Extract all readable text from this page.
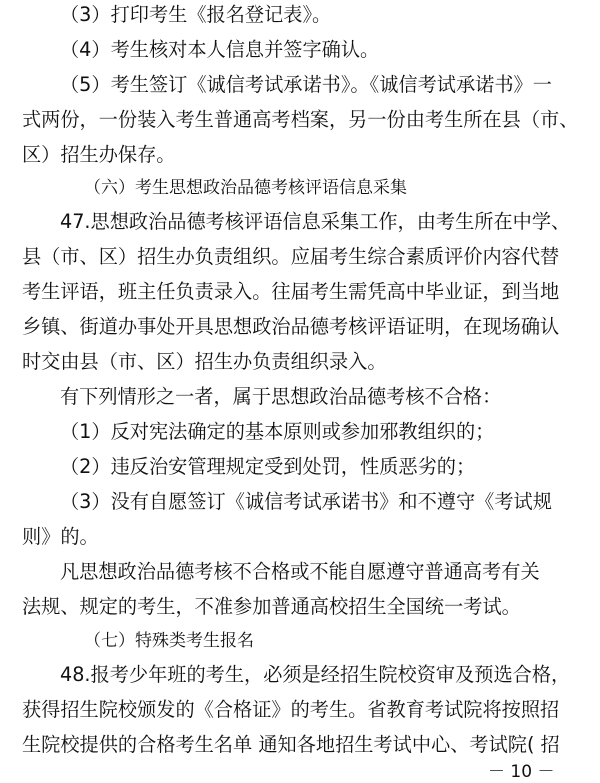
（3）打印考生《报名登记表》。
（4）考生核对本人信息并签字确认。
（5）考生签订《诚信考试承诺书》。《诚信考试承诺书》一
式两份，一份装入考生普通高考档案，另一份由考生所在县（市、
区）招生办保存。
（六）考生思想政治品德考核评语信息采集
47.思想政治品德考核评语信息采集工作，由考生所在中学、
县（市、区）招生办负责组织。应届考生综合素质评价内容代替
考生评语，班主任负责录入。往届考生需凭高中毕业证，到当地
乡镇、街道办事处开具思想政治品德考核评语证明，在现场确认
时交由县（市、区）招生办负责组织录入。
有下列情形之一者，属于思想政治品德考核不合格：
（1）反对宪法确定的基本原则或参加邪教组织的；
（2）违反治安管理规定受到处罚，性质恶劣的；
（3）没有自愿签订《诚信考试承诺书》和不遵守《考试规
则》的。
凡思想政治品德考核不合格或不能自愿遵守普通高考有关
法规、规定的考生，不准参加普通高校招生全国统一考试。
（七）特殊类考生报名
48.报考少年班的考生，必须是经招生院校资审及预选合格，
获得招生院校颁发的《合格证》的考生。省教育考试院将按照招
生院校提供的合格考生名单 通知各地招生考试中心、考试院( 招
－ 10 －
